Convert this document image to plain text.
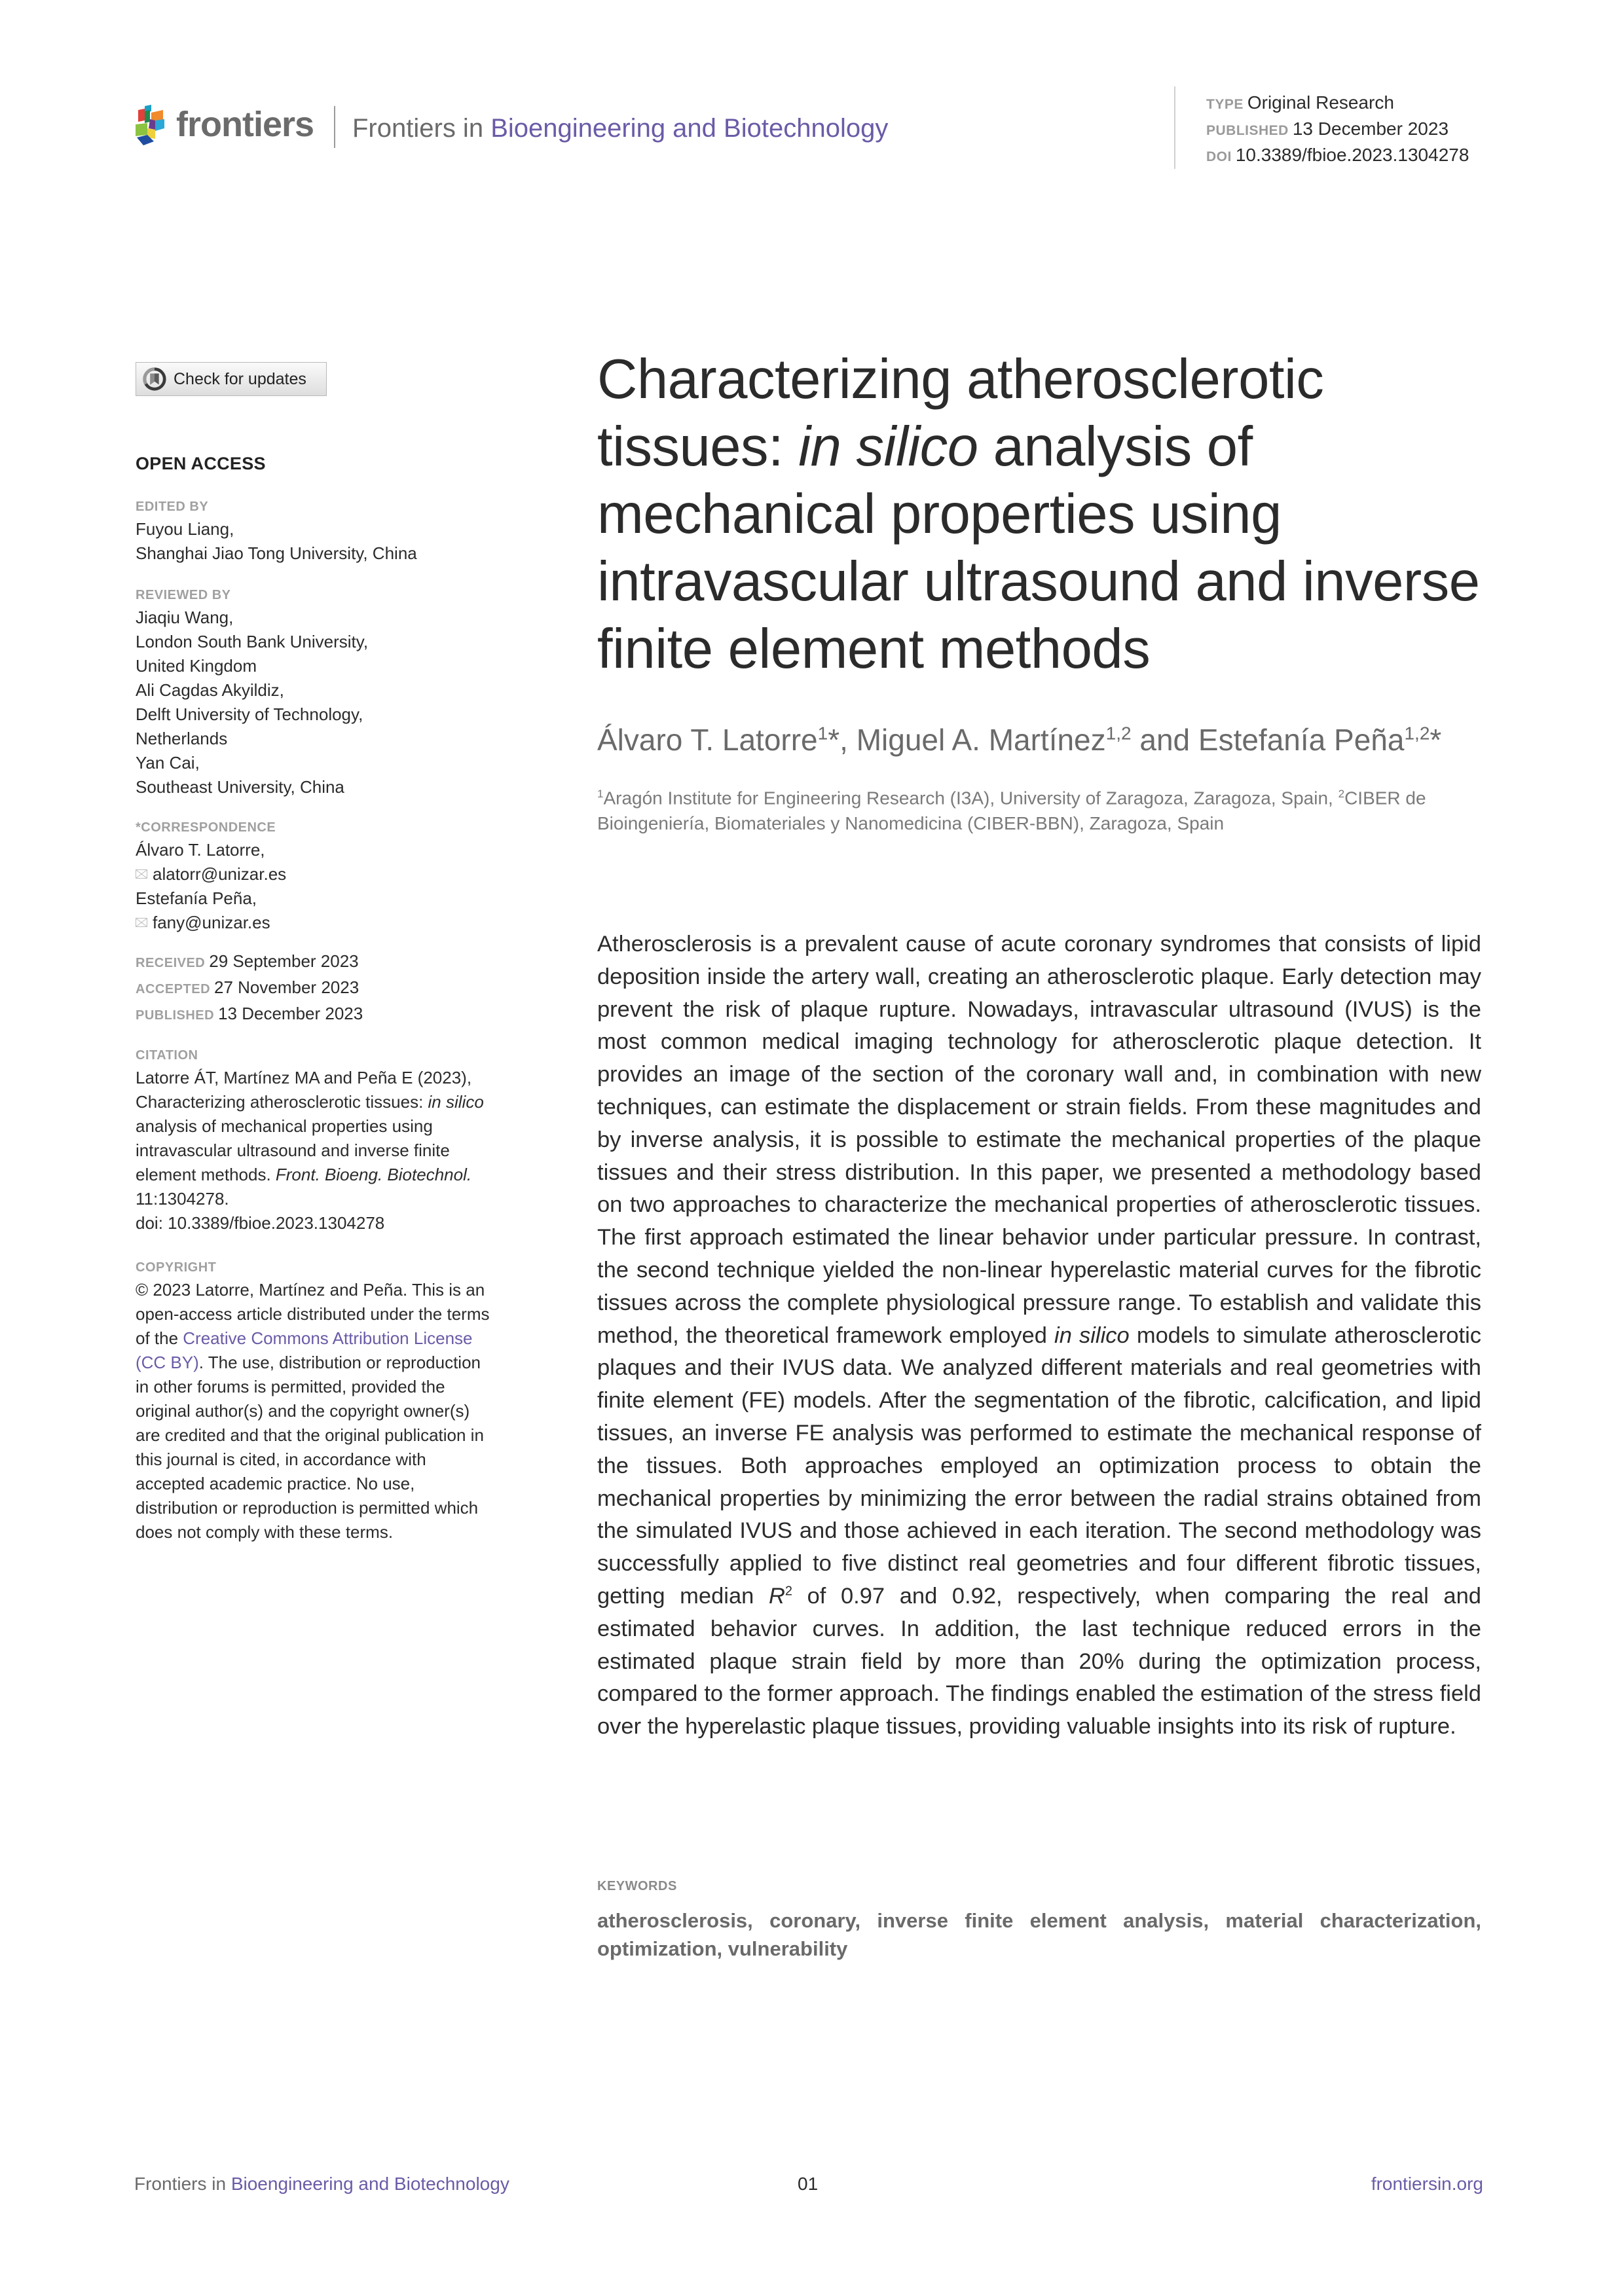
frontiers Frontiers in Bioengineering and Biotechnology
TYPE Original Research
PUBLISHED 13 December 2023
DOI 10.3389/fbioe.2023.1304278
Check for updates
OPEN ACCESS
EDITED BY
Fuyou Liang,
Shanghai Jiao Tong University, China
REVIEWED BY
Jiaqiu Wang,
London South Bank University,
United Kingdom
Ali Cagdas Akyildiz,
Delft University of Technology,
Netherlands
Yan Cai,
Southeast University, China
*CORRESPONDENCE
Álvaro T. Latorre,
alatorr@unizar.es
Estefanía Peña,
fany@unizar.es
RECEIVED 29 September 2023
ACCEPTED 27 November 2023
PUBLISHED 13 December 2023
CITATION
Latorre ÁT, Martínez MA and Peña E (2023), Characterizing atherosclerotic tissues: in silico analysis of mechanical properties using intravascular ultrasound and inverse finite element methods. Front. Bioeng. Biotechnol. 11:1304278.
doi: 10.3389/fbioe.2023.1304278
COPYRIGHT
© 2023 Latorre, Martínez and Peña. This is an open-access article distributed under the terms of the Creative Commons Attribution License (CC BY). The use, distribution or reproduction in other forums is permitted, provided the original author(s) and the copyright owner(s) are credited and that the original publication in this journal is cited, in accordance with accepted academic practice. No use, distribution or reproduction is permitted which does not comply with these terms.
Characterizing atherosclerotic tissues: in silico analysis of mechanical properties using intravascular ultrasound and inverse finite element methods
Álvaro T. Latorre$^1$*, Miguel A. Martínez$^{1,2}$ and Estefanía Peña$^{1,2}$*
$^1$Aragón Institute for Engineering Research (I3A), University of Zaragoza, Zaragoza, Spain, $^2$CIBER de Bioingeniería, Biomateriales y Nanomedicina (CIBER-BBN), Zaragoza, Spain
Atherosclerosis is a prevalent cause of acute coronary syndromes that consists of lipid deposition inside the artery wall, creating an atherosclerotic plaque. Early detection may prevent the risk of plaque rupture. Nowadays, intravascular ultrasound (IVUS) is the most common medical imaging technology for atherosclerotic plaque detection. It provides an image of the section of the coronary wall and, in combination with new techniques, can estimate the displacement or strain fields. From these magnitudes and by inverse analysis, it is possible to estimate the mechanical properties of the plaque tissues and their stress distribution. In this paper, we presented a methodology based on two approaches to characterize the mechanical properties of atherosclerotic tissues. The first approach estimated the linear behavior under particular pressure. In contrast, the second technique yielded the non-linear hyperelastic material curves for the fibrotic tissues across the complete physiological pressure range. To establish and validate this method, the theoretical framework employed in silico models to simulate atherosclerotic plaques and their IVUS data. We analyzed different materials and real geometries with finite element (FE) models. After the segmentation of the fibrotic, calcification, and lipid tissues, an inverse FE analysis was performed to estimate the mechanical response of the tissues. Both approaches employed an optimization process to obtain the mechanical properties by minimizing the error between the radial strains obtained from the simulated IVUS and those achieved in each iteration. The second methodology was successfully applied to five distinct real geometries and four different fibrotic tissues, getting median $R^2$ of 0.97 and 0.92, respectively, when comparing the real and estimated behavior curves. In addition, the last technique reduced errors in the estimated plaque strain field by more than 20% during the optimization process, compared to the former approach. The findings enabled the estimation of the stress field over the hyperelastic plaque tissues, providing valuable insights into its risk of rupture.
KEYWORDS
atherosclerosis, coronary, inverse finite element analysis, material characterization, optimization, vulnerability
Frontiers in Bioengineering and Biotechnology	01	frontiersin.org
